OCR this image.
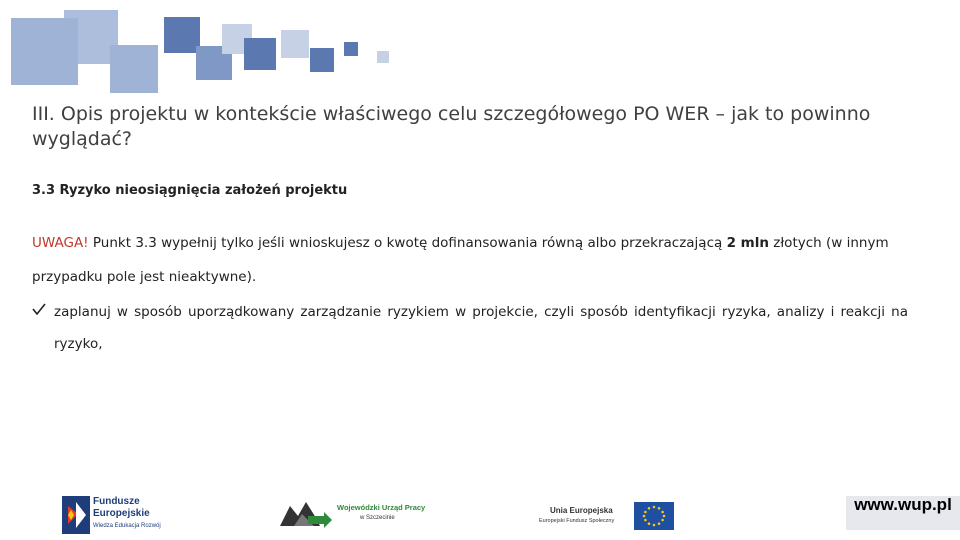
III. Opis projektu w kontekście właściwego celu szczegółowego PO WER – jak to powinno wyglądać?
3.3 Ryzyko nieosiągnięcia założeń projektu
UWAGA! Punkt 3.3 wypełnij tylko jeśli wnioskujesz o kwotę dofinansowania równą albo przekraczającą 2 mln złotych (w innym przypadku pole jest nieaktywne).
zaplanuj w sposób uporządkowany zarządzanie ryzykiem w projekcie, czyli sposób identyfikacji ryzyka, analizy i reakcji na ryzyko,
Fundusze
Europejskie
Wiedza Edukacja Rozwój
Wojewódzki Urząd Pracy
w Szczecinie
Unia Europejska
Europejski Fundusz Społeczny
www.wup.pl
